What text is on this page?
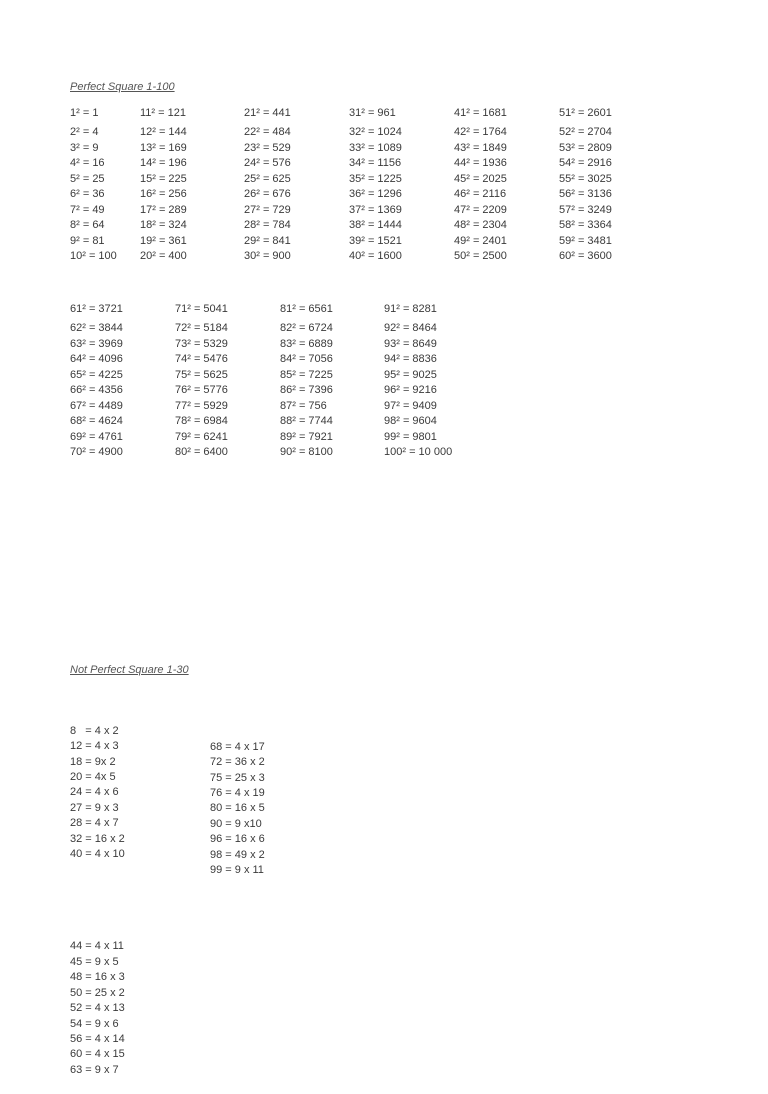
Perfect Square 1-100
1² = 1
2² = 4
3² = 9
4² = 16
5² = 25
6² = 36
7² = 49
8² = 64
9² = 81
10² = 100
11² = 121
12² = 144
13² = 169
14² = 196
15² = 225
16² = 256
17² = 289
18² = 324
19² = 361
20² = 400
21² = 441
22² = 484
23² = 529
24² = 576
25² = 625
26² = 676
27² = 729
28² = 784
29² = 841
30² = 900
31² = 961
32² = 1024
33² = 1089
34² = 1156
35² = 1225
36² = 1296
37² = 1369
38² = 1444
39² = 1521
40² = 1600
41² = 1681
42² = 1764
43² = 1849
44² = 1936
45² = 2025
46² = 2116
47² = 2209
48² = 2304
49² = 2401
50² = 2500
51² = 2601
52² = 2704
53² = 2809
54² = 2916
55² = 3025
56² = 3136
57² = 3249
58² = 3364
59² = 3481
60² = 3600
61² = 3721
62² = 3844
63² = 3969
64² = 4096
65² = 4225
66² = 4356
67² = 4489
68² = 4624
69² = 4761
70² = 4900
71² = 5041
72² = 5184
73² = 5329
74² = 5476
75² = 5625
76² = 5776
77² = 5929
78² = 6984
79² = 6241
80² = 6400
81² = 6561
82² = 6724
83² = 6889
84² = 7056
85² = 7225
86² = 7396
87² = 756
88² = 7744
89² = 7921
90² = 8100
91² = 8281
92² = 8464
93² = 8649
94² = 8836
95² = 9025
96² = 9216
97² = 9409
98² = 9604
99² = 9801
100² = 10 000
Not Perfect Square 1-30

8   = 4 x 2
12 = 4 x 3
18 = 9x 2
20 = 4x 5
24 = 4 x 6
27 = 9 x 3
28 = 4 x 7
32 = 16 x 2
40 = 4 x 10

44 = 4 x 11
45 = 9 x 5
48 = 16 x 3
50 = 25 x 2
52 = 4 x 13
54 = 9 x 6
56 = 4 x 14
60 = 4 x 15
63 = 9 x 7

68 = 4 x 17
72 = 36 x 2
75 = 25 x 3
76 = 4 x 19
80 = 16 x 5
90 = 9 x10
96 = 16 x 6
98 = 49 x 2
99 = 9 x 11
